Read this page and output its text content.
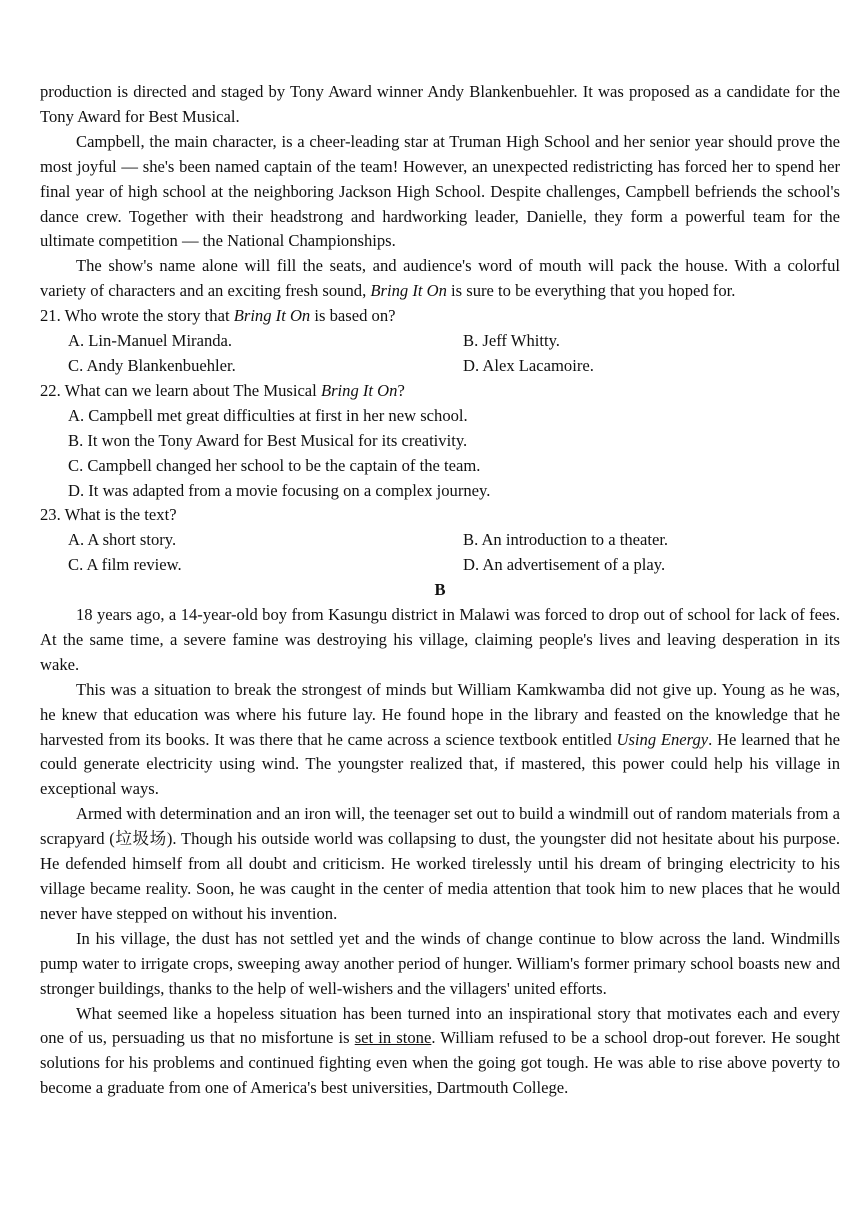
production is directed and staged by Tony Award winner Andy Blankenbuehler. It was proposed as a candidate for the Tony Award for Best Musical.

Campbell, the main character, is a cheer-leading star at Truman High School and her senior year should prove the most joyful — she's been named captain of the team! However, an unexpected redistricting has forced her to spend her final year of high school at the neighboring Jackson High School. Despite challenges, Campbell befriends the school's dance crew. Together with their headstrong and hardworking leader, Danielle, they form a powerful team for the ultimate competition — the National Championships.

The show's name alone will fill the seats, and audience's word of mouth will pack the house. With a colorful variety of characters and an exciting fresh sound, Bring It On is sure to be everything that you hoped for.

21. Who wrote the story that Bring It On is based on?

A. Lin-Manuel Miranda.	B. Jeff Whitty.
C. Andy Blankenbuehler.	D. Alex Lacamoire.

22. What can we learn about The Musical Bring It On?

A. Campbell met great difficulties at first in her new school.
B. It won the Tony Award for Best Musical for its creativity.
C. Campbell changed her school to be the captain of the team.
D. It was adapted from a movie focusing on a complex journey.

23. What is the text?

A. A short story.	B. An introduction to a theater.
C. A film review.	D. An advertisement of a play.

B

18 years ago, a 14-year-old boy from Kasungu district in Malawi was forced to drop out of school for lack of fees. At the same time, a severe famine was destroying his village, claiming people's lives and leaving desperation in its wake.

This was a situation to break the strongest of minds but William Kamkwamba did not give up. Young as he was, he knew that education was where his future lay. He found hope in the library and feasted on the knowledge that he harvested from its books. It was there that he came across a science textbook entitled Using Energy. He learned that he could generate electricity using wind. The youngster realized that, if mastered, this power could help his village in exceptional ways.

Armed with determination and an iron will, the teenager set out to build a windmill out of random materials from a scrapyard (垃圾场). Though his outside world was collapsing to dust, the youngster did not hesitate about his purpose. He defended himself from all doubt and criticism. He worked tirelessly until his dream of bringing electricity to his village became reality. Soon, he was caught in the center of media attention that took him to new places that he would never have stepped on without his invention.

In his village, the dust has not settled yet and the winds of change continue to blow across the land. Windmills pump water to irrigate crops, sweeping away another period of hunger. William's former primary school boasts new and stronger buildings, thanks to the help of well-wishers and the villagers' united efforts.

What seemed like a hopeless situation has been turned into an inspirational story that motivates each and every one of us, persuading us that no misfortune is set in stone. William refused to be a school drop-out forever. He sought solutions for his problems and continued fighting even when the going got tough. He was able to rise above poverty to become a graduate from one of America's best universities, Dartmouth College.
